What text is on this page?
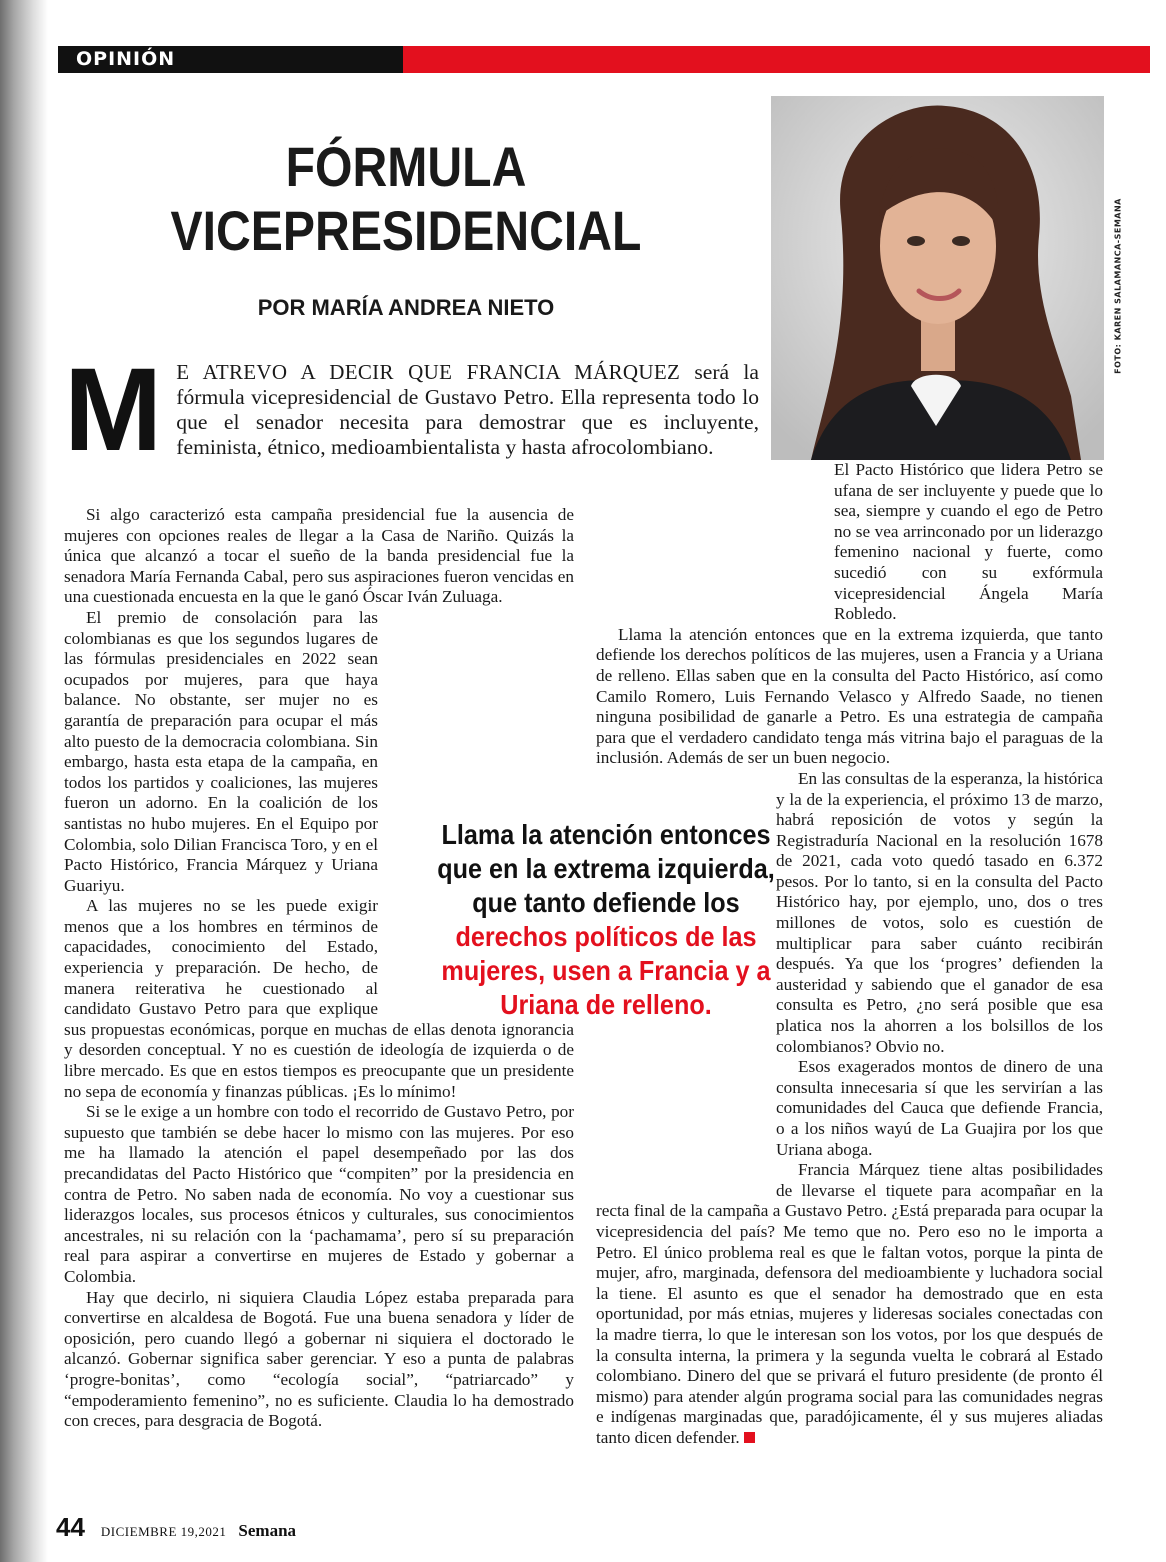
OPINIÓN
FÓRMULA
VICEPRESIDENCIAL
POR MARÍA ANDREA NIETO	FOTO: KAREN SALAMANCA-SEMANA

M E ATREVO A DECIR QUE FRANCIA MÁRQUEZ será la fórmula vicepresidencial de Gustavo Petro. Ella representa todo lo que el senador necesita para demostrar que es incluyente, feminista, étnico, medioambientalista y hasta afrocolombiano.

Si algo caracterizó esta campaña presidencial fue la ausencia de mujeres con opciones reales de llegar a la Casa de Nariño. Quizás la única que alcanzó a tocar el sueño de la banda presidencial fue la senadora María Fernanda Cabal, pero sus aspiraciones fueron vencidas en una cuestionada encuesta en la que le ganó Óscar Iván Zuluaga.

El premio de consolación para las colombianas es que los segundos lugares de las fórmulas presidenciales en 2022 sean ocupados por mujeres, para que haya balance. No obstante, ser mujer no es garantía de preparación para ocupar el más alto puesto de la democracia colombiana. Sin embargo, hasta esta etapa de la campaña, en todos los partidos y coaliciones, las mujeres fueron un adorno. En la coalición de los santistas no hubo mujeres. En el Equipo por Colombia, solo Dilian Francisca Toro, y en el Pacto Histórico, Francia Márquez y Uriana Guariyu.

A las mujeres no se les puede exigir menos que a los hombres en términos de capacidades, conocimiento del Estado, experiencia y preparación. De hecho, de manera reiterativa he cuestionado al candidato Gustavo Petro para que explique sus propuestas económicas, porque en muchas de ellas denota ignorancia y desorden conceptual. Y no es cuestión de ideología de izquierda o de libre mercado. Es que en estos tiempos es preocupante que un presidente no sepa de economía y finanzas públicas. ¡Es lo mínimo!

Si se le exige a un hombre con todo el recorrido de Gustavo Petro, por supuesto que también se debe hacer lo mismo con las mujeres. Por eso me ha llamado la atención el papel desempeñado por las dos precandidatas del Pacto Histórico que “compiten” por la presidencia en contra de Petro. No saben nada de economía. No voy a cuestionar sus liderazgos locales, sus procesos étnicos y culturales, sus conocimientos ancestrales, ni su relación con la ‘pachamama’, pero sí su preparación real para aspirar a convertirse en mujeres de Estado y gobernar a Colombia.

Hay que decirlo, ni siquiera Claudia López estaba preparada para convertirse en alcaldesa de Bogotá. Fue una buena senadora y líder de oposición, pero cuando llegó a gobernar ni siquiera el doctorado le alcanzó. Gobernar significa saber gerenciar. Y eso a punta de palabras ‘progre-bonitas’, como “ecología social”, “patriarcado” y “empoderamiento femenino”, no es suficiente. Claudia lo ha demostrado con creces, para desgracia de Bogotá.

El Pacto Histórico que lidera Petro se ufana de ser incluyente y puede que lo sea, siempre y cuando el ego de Petro no se vea arrinconado por un liderazgo femenino nacional y fuerte, como sucedió con su exfórmula vicepresidencial Ángela María Robledo.

Llama la atención entonces que en la extrema izquierda, que tanto defiende los derechos políticos de las mujeres, usen a Francia y a Uriana de relleno. Ellas saben que en la consulta del Pacto Histórico, así como Camilo Romero, Luis Fernando Velasco y Alfredo Saade, no tienen ninguna posibilidad de ganarle a Petro. Es una estrategia de campaña para que el verdadero candidato tenga más vitrina bajo el paraguas de la inclusión. Además de ser un buen negocio.

En las consultas de la esperanza, la histórica y la de la experiencia, el próximo 13 de marzo, habrá reposición de votos y según la Registraduría Nacional en la resolución 1678 de 2021, cada voto quedó tasado en 6.372 pesos. Por lo tanto, si en la consulta del Pacto Histórico hay, por ejemplo, uno, dos o tres millones de votos, solo es cuestión de multiplicar para saber cuánto recibirán después. Ya que los ‘progres’ defienden la austeridad y sabiendo que el ganador de esa consulta es Petro, ¿no será posible que esa platica nos la ahorren a los bolsillos de los colombianos? Obvio no.

Esos exagerados montos de dinero de una consulta innecesaria sí que les servirían a las comunidades del Cauca que defiende Francia, o a los niños wayú de La Guajira por los que Uriana aboga.

Francia Márquez tiene altas posibilidades de llevarse el tiquete para acompañar en la recta final de la campaña a Gustavo Petro. ¿Está preparada para ocupar la vicepresidencia del país? Me temo que no. Pero eso no le importa a Petro. El único problema real es que le faltan votos, porque la pinta de mujer, afro, marginada, defensora del medioambiente y luchadora social la tiene. El asunto es que el senador ha demostrado que en esta oportunidad, por más etnias, mujeres y lideresas sociales conectadas con la madre tierra, lo que le interesan son los votos, por los que después de la consulta interna, la primera y la segunda vuelta le cobrará al Estado colombiano. Dinero del que se privará el futuro presidente (de pronto él mismo) para atender algún programa social para las comunidades negras e indígenas marginadas que, paradójicamente, él y sus mujeres aliadas tanto dicen defender.

Llama la atención entonces que en la extrema izquierda, que tanto defiende los derechos políticos de las mujeres, usen a Francia y a Uriana de relleno.
44 DICIEMBRE 19,2021 Semana
